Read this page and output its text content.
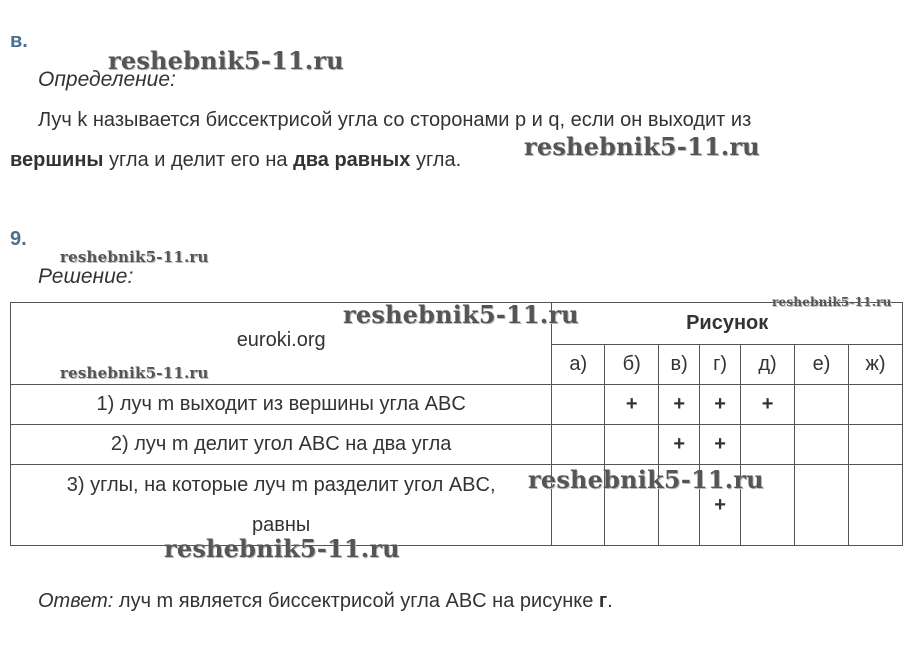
в.
Определение:
Луч k называется биссектрисой угла со сторонами p и q, если он выходит из
вершины угла и делит его на два равных угла.
9.
Решение:
euroki.org	Рисунок						
	а)	б)	в)	г)	д)	е)	ж)
1) луч m выходит из вершины угла ABC		+	+	+	+		
2) луч m делит угол ABC на два угла			+	+			

3) углы, на которые луч m разделит угол ABC,
равны				+			
Ответ: луч m является биссектрисой угла ABC на рисунке г.
reshebnik5-11.ru
reshebnik5-11.ru
reshebnik5-11.ru
reshebnik5-11.ru	reshebnik5-11.ru
reshebnik5-11.ru
reshebnik5-11.ru
reshebnik5-11.ru
